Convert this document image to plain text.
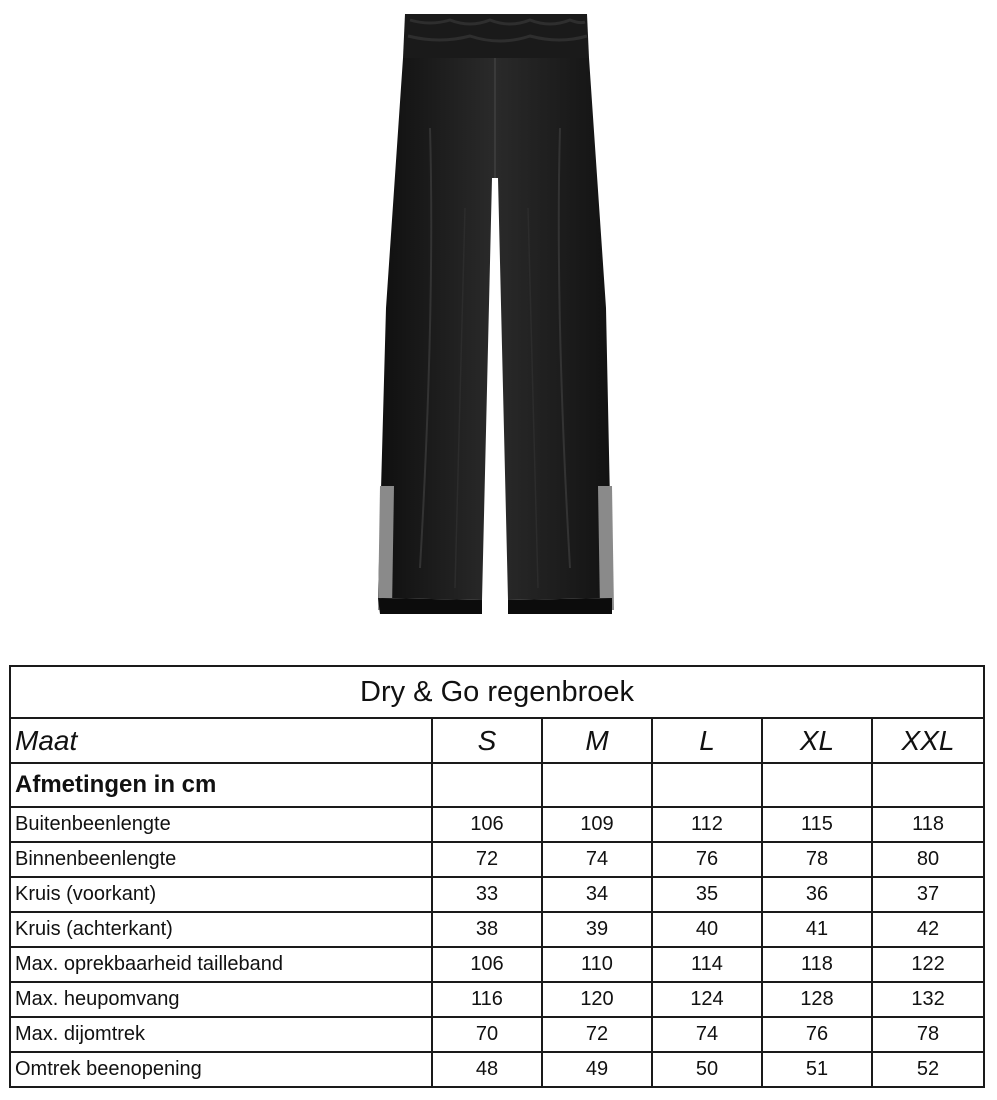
Dry & Go regenbroek					
Maat	S	M	L	XL	XXL
Afmetingen in cm					
Buitenbeenlengte	106	109	112	115	118
Binnenbeenlengte	72	74	76	78	80
Kruis (voorkant)	33	34	35	36	37
Kruis (achterkant)	38	39	40	41	42
Max. oprekbaarheid tailleband	106	110	114	118	122
Max. heupomvang	116	120	124	128	132
Max. dijomtrek	70	72	74	76	78
Omtrek beenopening	48	49	50	51	52
